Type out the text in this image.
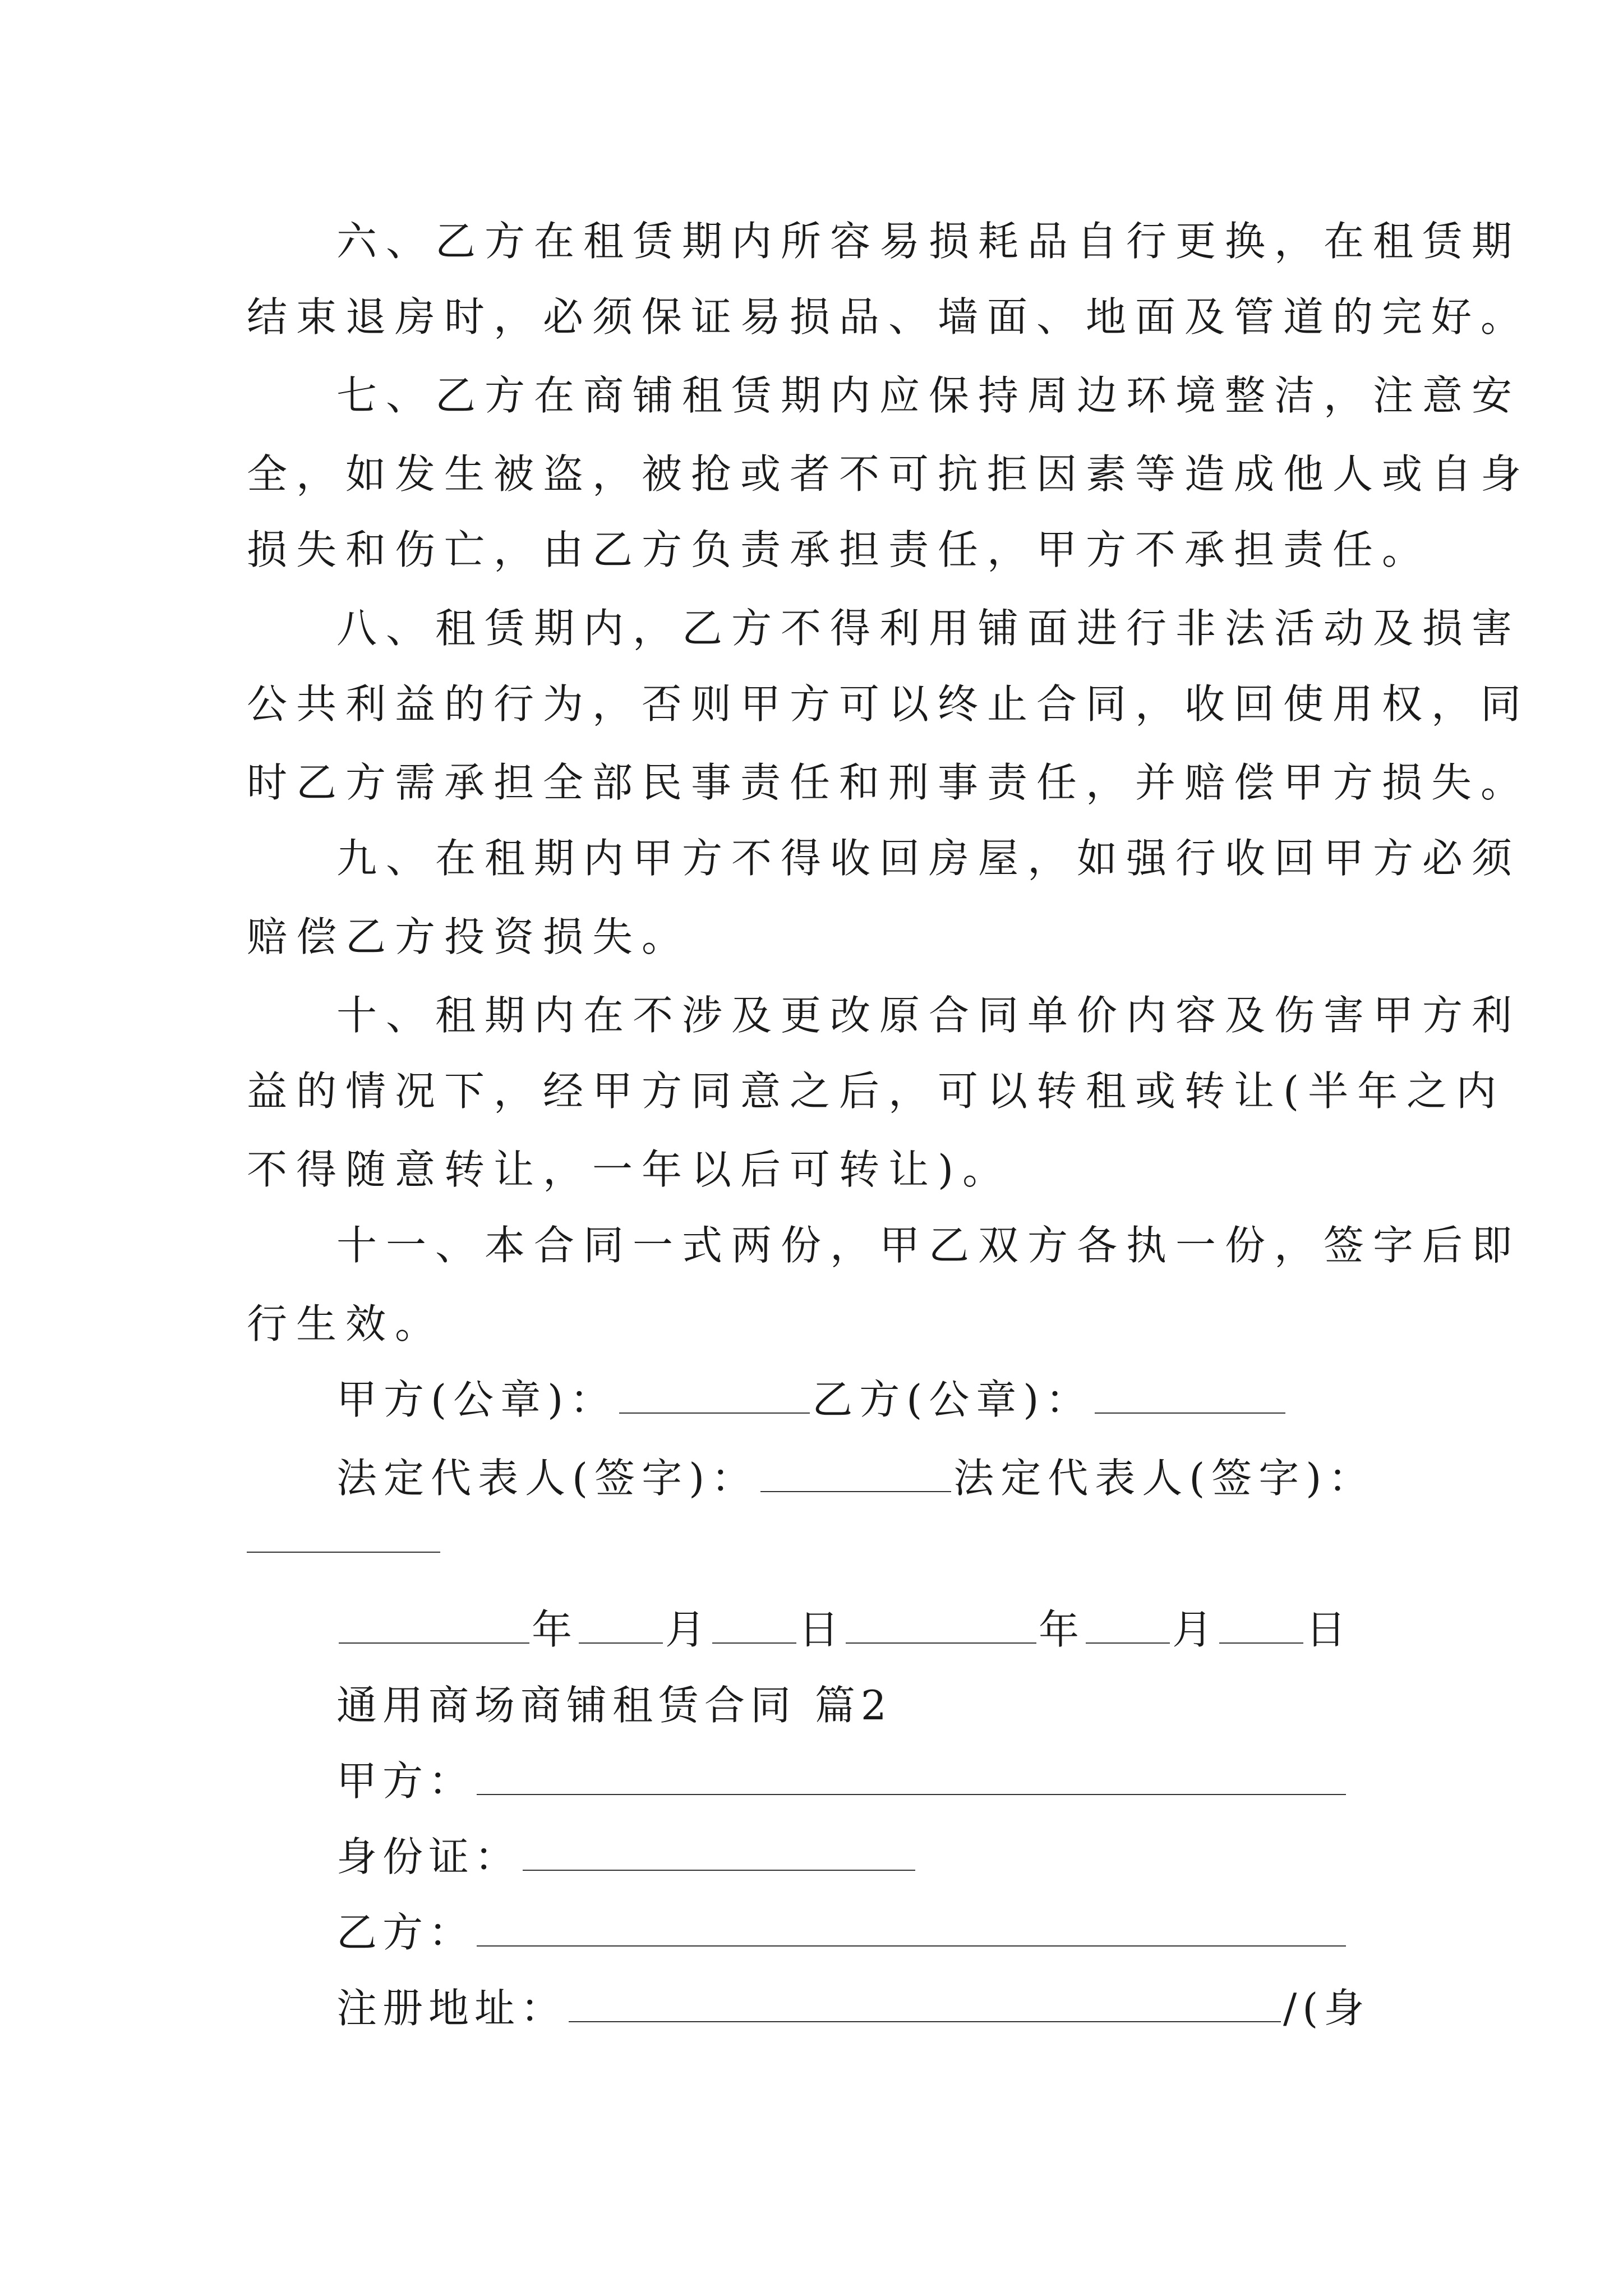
六、乙方在租赁期内所容易损耗品自行更换，在租赁期
结束退房时，必须保证易损品、墙面、地面及管道的完好。
七、乙方在商铺租赁期内应保持周边环境整洁，注意安
全，如发生被盗，被抢或者不可抗拒因素等造成他人或自身
损失和伤亡，由乙方负责承担责任，甲方不承担责任。
八、租赁期内，乙方不得利用铺面进行非法活动及损害
公共利益的行为，否则甲方可以终止合同，收回使用权，同
时乙方需承担全部民事责任和刑事责任，并赔偿甲方损失。
九、在租期内甲方不得收回房屋，如强行收回甲方必须
赔偿乙方投资损失。
十、租期内在不涉及更改原合同单价内容及伤害甲方利
益的情况下，经甲方同意之后，可以转租或转让(半年之内
不得随意转让，一年以后可转让)。
十一、本合同一式两份，甲乙双方各执一份，签字后即
行生效。
甲方(公章)：	乙方(公章)：
法定代表人(签字)：	法定代表人(签字)：
年 月 日	年 月 日
通用商场商铺租赁合同 篇2
甲方：
身份证：
乙方：
注册地址：	/(身
